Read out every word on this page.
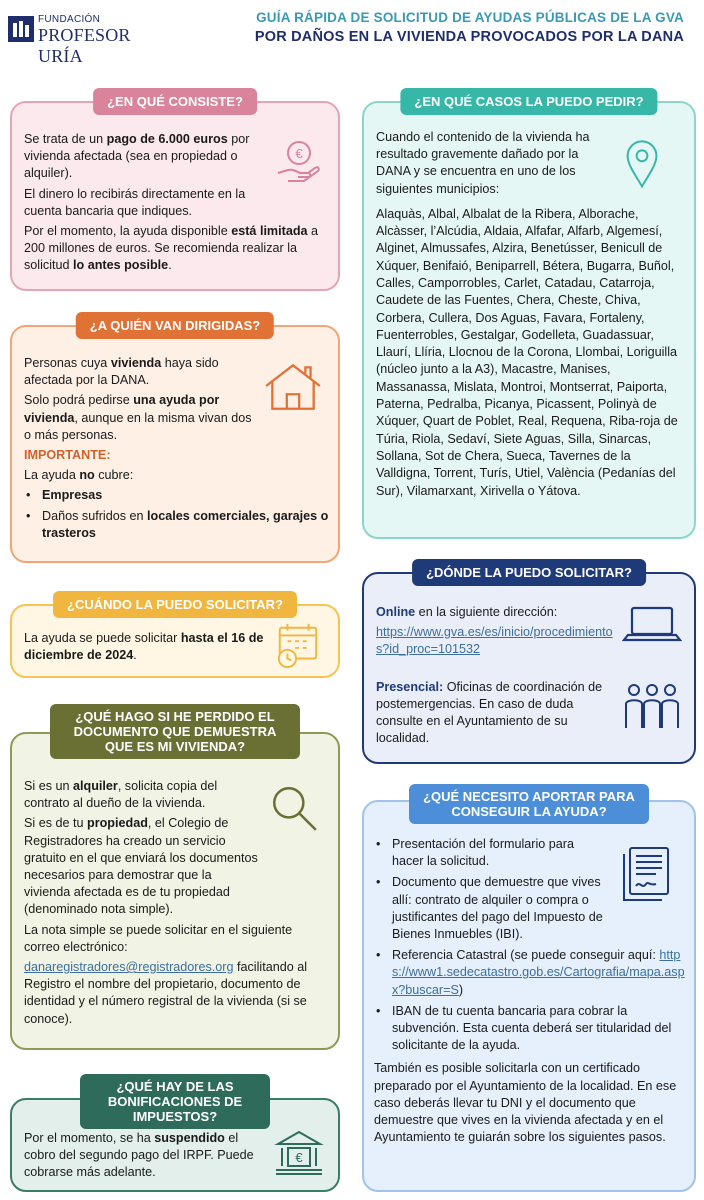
FUNDACIÓN
PROFESOR URÍA
GUÍA RÁPIDA DE SOLICITUD DE AYUDAS PÚBLICAS DE LA GVA
POR DAÑOS EN LA VIVIENDA PROVOCADOS POR LA DANA
¿EN QUÉ CONSISTE?

Se trata de un pago de 6.000 euros por vivienda afectada (sea en propiedad o alquiler).

El dinero lo recibirás directamente en la cuenta bancaria que indiques.

Por el momento, la ayuda disponible está limitada a 200 millones de euros. Se recomienda realizar la solicitud lo antes posible.

€
¿A QUIÉN VAN DIRIGIDAS?

Personas cuya vivienda haya sido afectada por la DANA.

Solo podrá pedirse una ayuda por vivienda, aunque en la misma vivan dos o más personas.

IMPORTANTE:

La ayuda no cubre:

• Empresas
• Daños sufridos en locales comerciales, garajes o trasteros
¿CUÁNDO LA PUEDO SOLICITAR?

La ayuda se puede solicitar hasta el 16 de diciembre de 2024.

¿QUÉ HAGO SI HE PERDIDO EL DOCUMENTO QUE DEMUESTRA QUE ES MI VIVIENDA?

Si es un alquiler, solicita copia del contrato al dueño de la vivienda.

Si es de tu propiedad, el Colegio de Registradores ha creado un servicio gratuito en el que enviará los documentos necesarios para demostrar que la vivienda afectada es de tu propiedad (denominado nota simple).

La nota simple se puede solicitar en el siguiente correo electrónico:

danaregistradores@registradores.org facilitando al Registro el nombre del propietario, documento de identidad y el número registral de la vivienda (si se conoce).

¿QUÉ HAY DE LAS BONIFICACIONES DE IMPUESTOS?

Por el momento, se ha suspendido el cobro del segundo pago del IRPF. Puede cobrarse más adelante.

€
¿EN QUÉ CASOS LA PUEDO PEDIR?

Cuando el contenido de la vivienda ha resultado gravemente dañado por la DANA y se encuentra en uno de los siguientes municipios:

Alaquàs, Albal, Albalat de la Ribera, Alborache, Alcàsser, l’Alcúdia, Aldaia, Alfafar, Alfarb, Algemesí, Alginet, Almussafes, Alzira, Benetússer, Benicull de Xúquer, Benifaió, Beniparrell, Bétera, Bugarra, Buñol, Calles, Camporrobles, Carlet, Catadau, Catarroja, Caudete de las Fuentes, Chera, Cheste, Chiva, Corbera, Cullera, Dos Aguas, Favara, Fortaleny, Fuenterrobles, Gestalgar, Godelleta, Guadassuar, Llaurí, Llíria, Llocnou de la Corona, Llombai, Loriguilla (núcleo junto a la A3), Macastre, Manises, Massanassa, Mislata, Montroi, Montserrat, Paiporta, Paterna, Pedralba, Picanya, Picassent, Polinyà de Xúquer, Quart de Poblet, Real, Requena, Riba-roja de Túria, Riola, Sedaví, Siete Aguas, Silla, Sinarcas, Sollana, Sot de Chera, Sueca, Tavernes de la Valldigna, Torrent, Turís, Utiel, València (Pedanías del Sur), Vilamarxant, Xirivella o Yátova.

¿DÓNDE LA PUEDO SOLICITAR?

Online en la siguiente dirección:

https://www.gva.es/es/inicio/procedimientos?id_proc=101532

Presencial: Oficinas de coordinación de postemergencias. En caso de duda consulte en el Ayuntamiento de su localidad.

¿QUÉ NECESITO APORTAR PARA CONSEGUIR LA AYUDA?
• Presentación del formulario para hacer la solicitud.
• Documento que demuestre que vives allí: contrato de alquiler o compra o justificantes del pago del Impuesto de Bienes Inmuebles (IBI).
• Referencia Catastral (se puede conseguir aquí: https://www1.sedecatastro.gob.es/Cartografia/mapa.aspx?buscar=S)
• IBAN de tu cuenta bancaria para cobrar la subvención. Esta cuenta deberá ser titularidad del solicitante de la ayuda.

También es posible solicitarla con un certificado preparado por el Ayuntamiento de la localidad. En ese caso deberás llevar tu DNI y el documento que demuestre que vives en la vivienda afectada y en el Ayuntamiento te guiarán sobre los siguientes pasos.
